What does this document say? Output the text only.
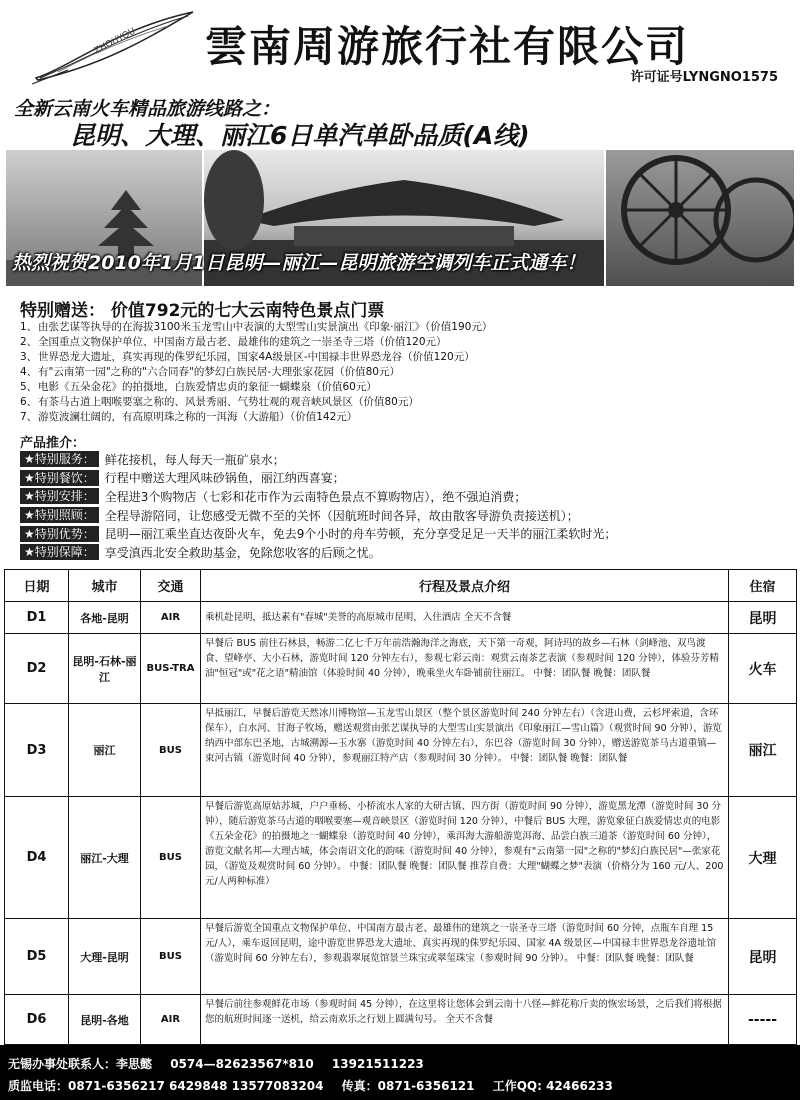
ZHOUYOU 雲南周游旅行社有限公司
许可证号LYNGNO1575
全新云南火车精品旅游线路之：
昆明、大理、丽江6日单汽单卧品质(A线)
热烈祝贺2010年1月1日昆明—丽江—昆明旅游空调列车正式通车！
特别赠送： 价值792元的七大云南特色景点门票
1、由张艺谋等执导的在海拔3100米玉龙雪山中表演的大型雪山实景演出《印象·丽江》（价值190元）
2、全国重点文物保护单位、中国南方最古老、最雄伟的建筑之一崇圣寺三塔（价值120元）
3、世界恐龙大遗址，真实再现的侏罗纪乐园，国家4A级景区-中国禄丰世界恐龙谷（价值120元）
4、有"云南第一园"之称的"六合同春"的梦幻白族民居-大理张家花园（价值80元）
5、电影《五朵金花》的拍摄地，白族爱情忠贞的象征一蝴蝶泉（价值60元）
6、有茶马古道上咽喉要塞之称的、风景秀丽、气势壮观的观音峡风景区（价值80元）
7、游览波澜壮阔的，有高原明珠之称的一洱海（大游船）（价值142元）
产品推介：
★特别服务： 鲜花接机，每人每天一瓶矿泉水；
★特别餐饮： 行程中赠送大理风味砂锅鱼，丽江纳西喜宴；
★特别安排： 全程进3个购物店（七彩和花市作为云南特色景点不算购物店），绝不强迫消费；
★特别照顾： 全程导游陪同，让您感受无微不至的关怀（因航班时间各异，故由散客导游负责接送机）；
★特别优势： 昆明—丽江乘坐直达夜卧火车，免去9个小时的舟车劳顿，充分享受足足一天半的丽江柔软时光；
★特别保障： 享受滇西北安全救助基金，免除您收客的后顾之忧。
日期	城市	交通	行程及景点介绍	住宿
D1	各地-昆明	AIR	乘机赴昆明，抵达素有"春城"美誉的高原城市昆明，入住酒店 全天不含餐	昆明
D2	昆明-石林-丽江	BUS-TRA	早餐后 BUS 前往石林县，畅游二亿七千万年前浩瀚海洋之海底，天下第一奇观，阿诗玛的故乡—石林（剑峰池、双鸟渡食、望峰亭、大小石林，游览时间 120 分钟左右），参观七彩云南：观赏云南茶艺表演（参观时间 120 分钟），体验芬芳精油"恒冠"或"花之语"精油馆（体验时间 40 分钟），晚乘坐火车卧铺前往丽江。 中餐：团队餐 晚餐：团队餐	火车
D3	丽江	BUS	早抵丽江，早餐后游览天然冰川博物馆—玉龙雪山景区（整个景区游览时间 240 分钟左右）（含进山费，云杉坪索道，含环保车），白水河、甘海子牧场，赠送观赏由张艺谋执导的大型雪山实景演出《印象丽江—雪山篇》（观赏时间 90 分钟），游览纳西中部东巴圣地，古城溯源—玉水寨（游览时间 40 分钟左右），东巴谷（游览时间 30 分钟），赠送游览茶马古道重镇—束河古镇（游览时间 40 分钟），参观丽江特产店（参观时间 30 分钟）。 中餐：团队餐 晚餐：团队餐	丽江
D4	丽江-大理	BUS	早餐后游览高原姑苏城，户户垂杨、小桥流水人家的大研古镇、四方街（游览时间 90 分钟），游览黑龙潭（游览时间 30 分钟），随后游览茶马古道的咽喉要塞—观音峡景区（游览时间 120 分钟），中餐后 BUS 大理，游览象征白族爱情忠贞的电影《五朵金花》的拍摄地之一蝴蝶泉（游览时间 40 分钟），乘洱海大游船游览洱海、品尝白族三道茶（游览时间 60 分钟），游览文献名邦—大理古城，体会南诏文化的韵味（游览时间 40 分钟），参观有"云南第一园"之称的"梦幻白族民居"—张家花园，（游览及观赏时间 60 分钟）。 中餐：团队餐 晚餐：团队餐 推荐自费：大理"蝴蝶之梦"表演（价格分为 160 元/人、200 元/人两种标准）	大理
D5	大理-昆明	BUS	早餐后游览全国重点文物保护单位、中国南方最古老、最雄伟的建筑之一崇圣寺三塔（游览时间 60 分钟，点瓶车自理 15 元/人），乘车返回昆明，途中游览世界恐龙大遗址、真实再现的侏罗纪乐园、国家 4A 级景区—中国禄丰世界恐龙谷遗址馆（游览时间 60 分钟左右），参观翡翠展览馆景兰珠宝或翠玺珠宝（参观时间 90 分钟）。 中餐：团队餐 晚餐：团队餐	昆明
D6	昆明-各地	AIR	早餐后前往参观鲜花市场（参观时间 45 分钟），在这里将让您体会到云南十八怪—鲜花称斤卖的恢宏场景，之后我们将根据您的航班时间逐一送机，给云南欢乐之行划上圆满句号。 全天不含餐	-----
无锡办事处联系人：李思懿 0574—82623567*810 13921511223
质监电话：0871-6356217 6429848 13577083204 传真：0871-6356121 工作QQ: 42466233
